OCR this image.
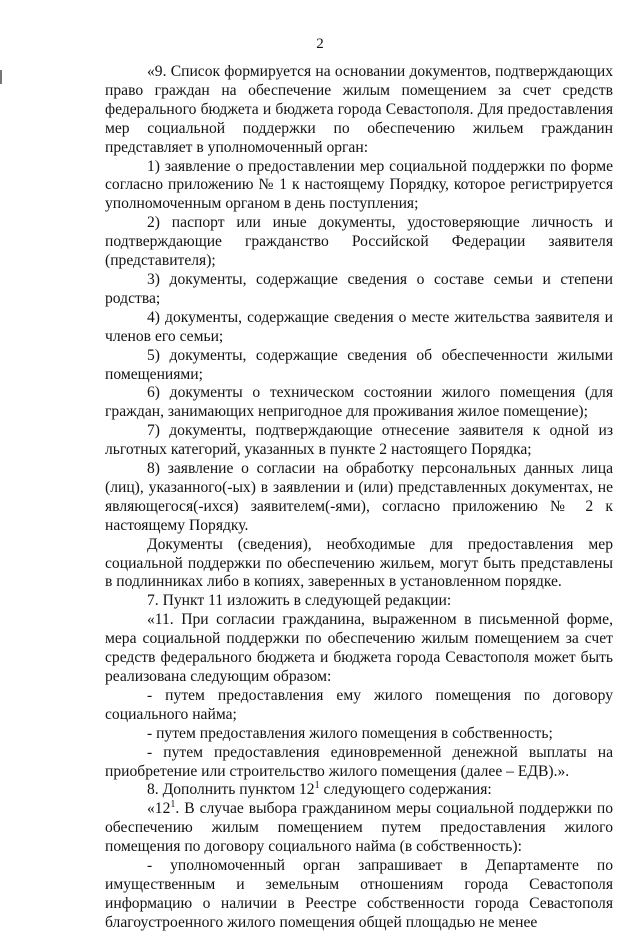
2

«9. Список формируется на основании документов, подтверждающих право граждан на обеспечение жилым помещением за счет средств федерального бюджета и бюджета города Севастополя. Для предоставления мер социальной поддержки по обеспечению жильем гражданин представляет в уполномоченный орган:

1) заявление о предоставлении мер социальной поддержки по форме согласно приложению № 1 к настоящему Порядку, которое регистрируется уполномоченным органом в день поступления;

2) паспорт или иные документы, удостоверяющие личность и подтверждающие гражданство Российской Федерации заявителя (представителя);

3) документы, содержащие сведения о составе семьи и степени родства;

4) документы, содержащие сведения о месте жительства заявителя и членов его семьи;

5) документы, содержащие сведения об обеспеченности жилыми помещениями;

6) документы о техническом состоянии жилого помещения (для граждан, занимающих непригодное для проживания жилое помещение);

7) документы, подтверждающие отнесение заявителя к одной из льготных категорий, указанных в пункте 2 настоящего Порядка;

8) заявление о согласии на обработку персональных данных лица (лиц), указанного(-ых) в заявлении и (или) представленных документах, не являющегося(-ихся) заявителем(-ями), согласно приложению № 2 к настоящему Порядку.

Документы (сведения), необходимые для предоставления мер социальной поддержки по обеспечению жильем, могут быть представлены в подлинниках либо в копиях, заверенных в установленном порядке.

7. Пункт 11 изложить в следующей редакции:

«11. При согласии гражданина, выраженном в письменной форме, мера социальной поддержки по обеспечению жилым помещением за счет средств федерального бюджета и бюджета города Севастополя может быть реализована следующим образом:

- путем предоставления ему жилого помещения по договору социального найма;

- путем предоставления жилого помещения в собственность;

- путем предоставления единовременной денежной выплаты на приобретение или строительство жилого помещения (далее – ЕДВ).».

8. Дополнить пунктом $12^1$ следующего содержания:

«$12^1$. В случае выбора гражданином меры социальной поддержки по обеспечению жилым помещением путем предоставления жилого помещения по договору социального найма (в собственность):

- уполномоченный орган запрашивает в Департаменте по имущественным и земельным отношениям города Севастополя информацию о наличии в Реестре собственности города Севастополя благоустроенного жилого помещения общей площадью не менее
